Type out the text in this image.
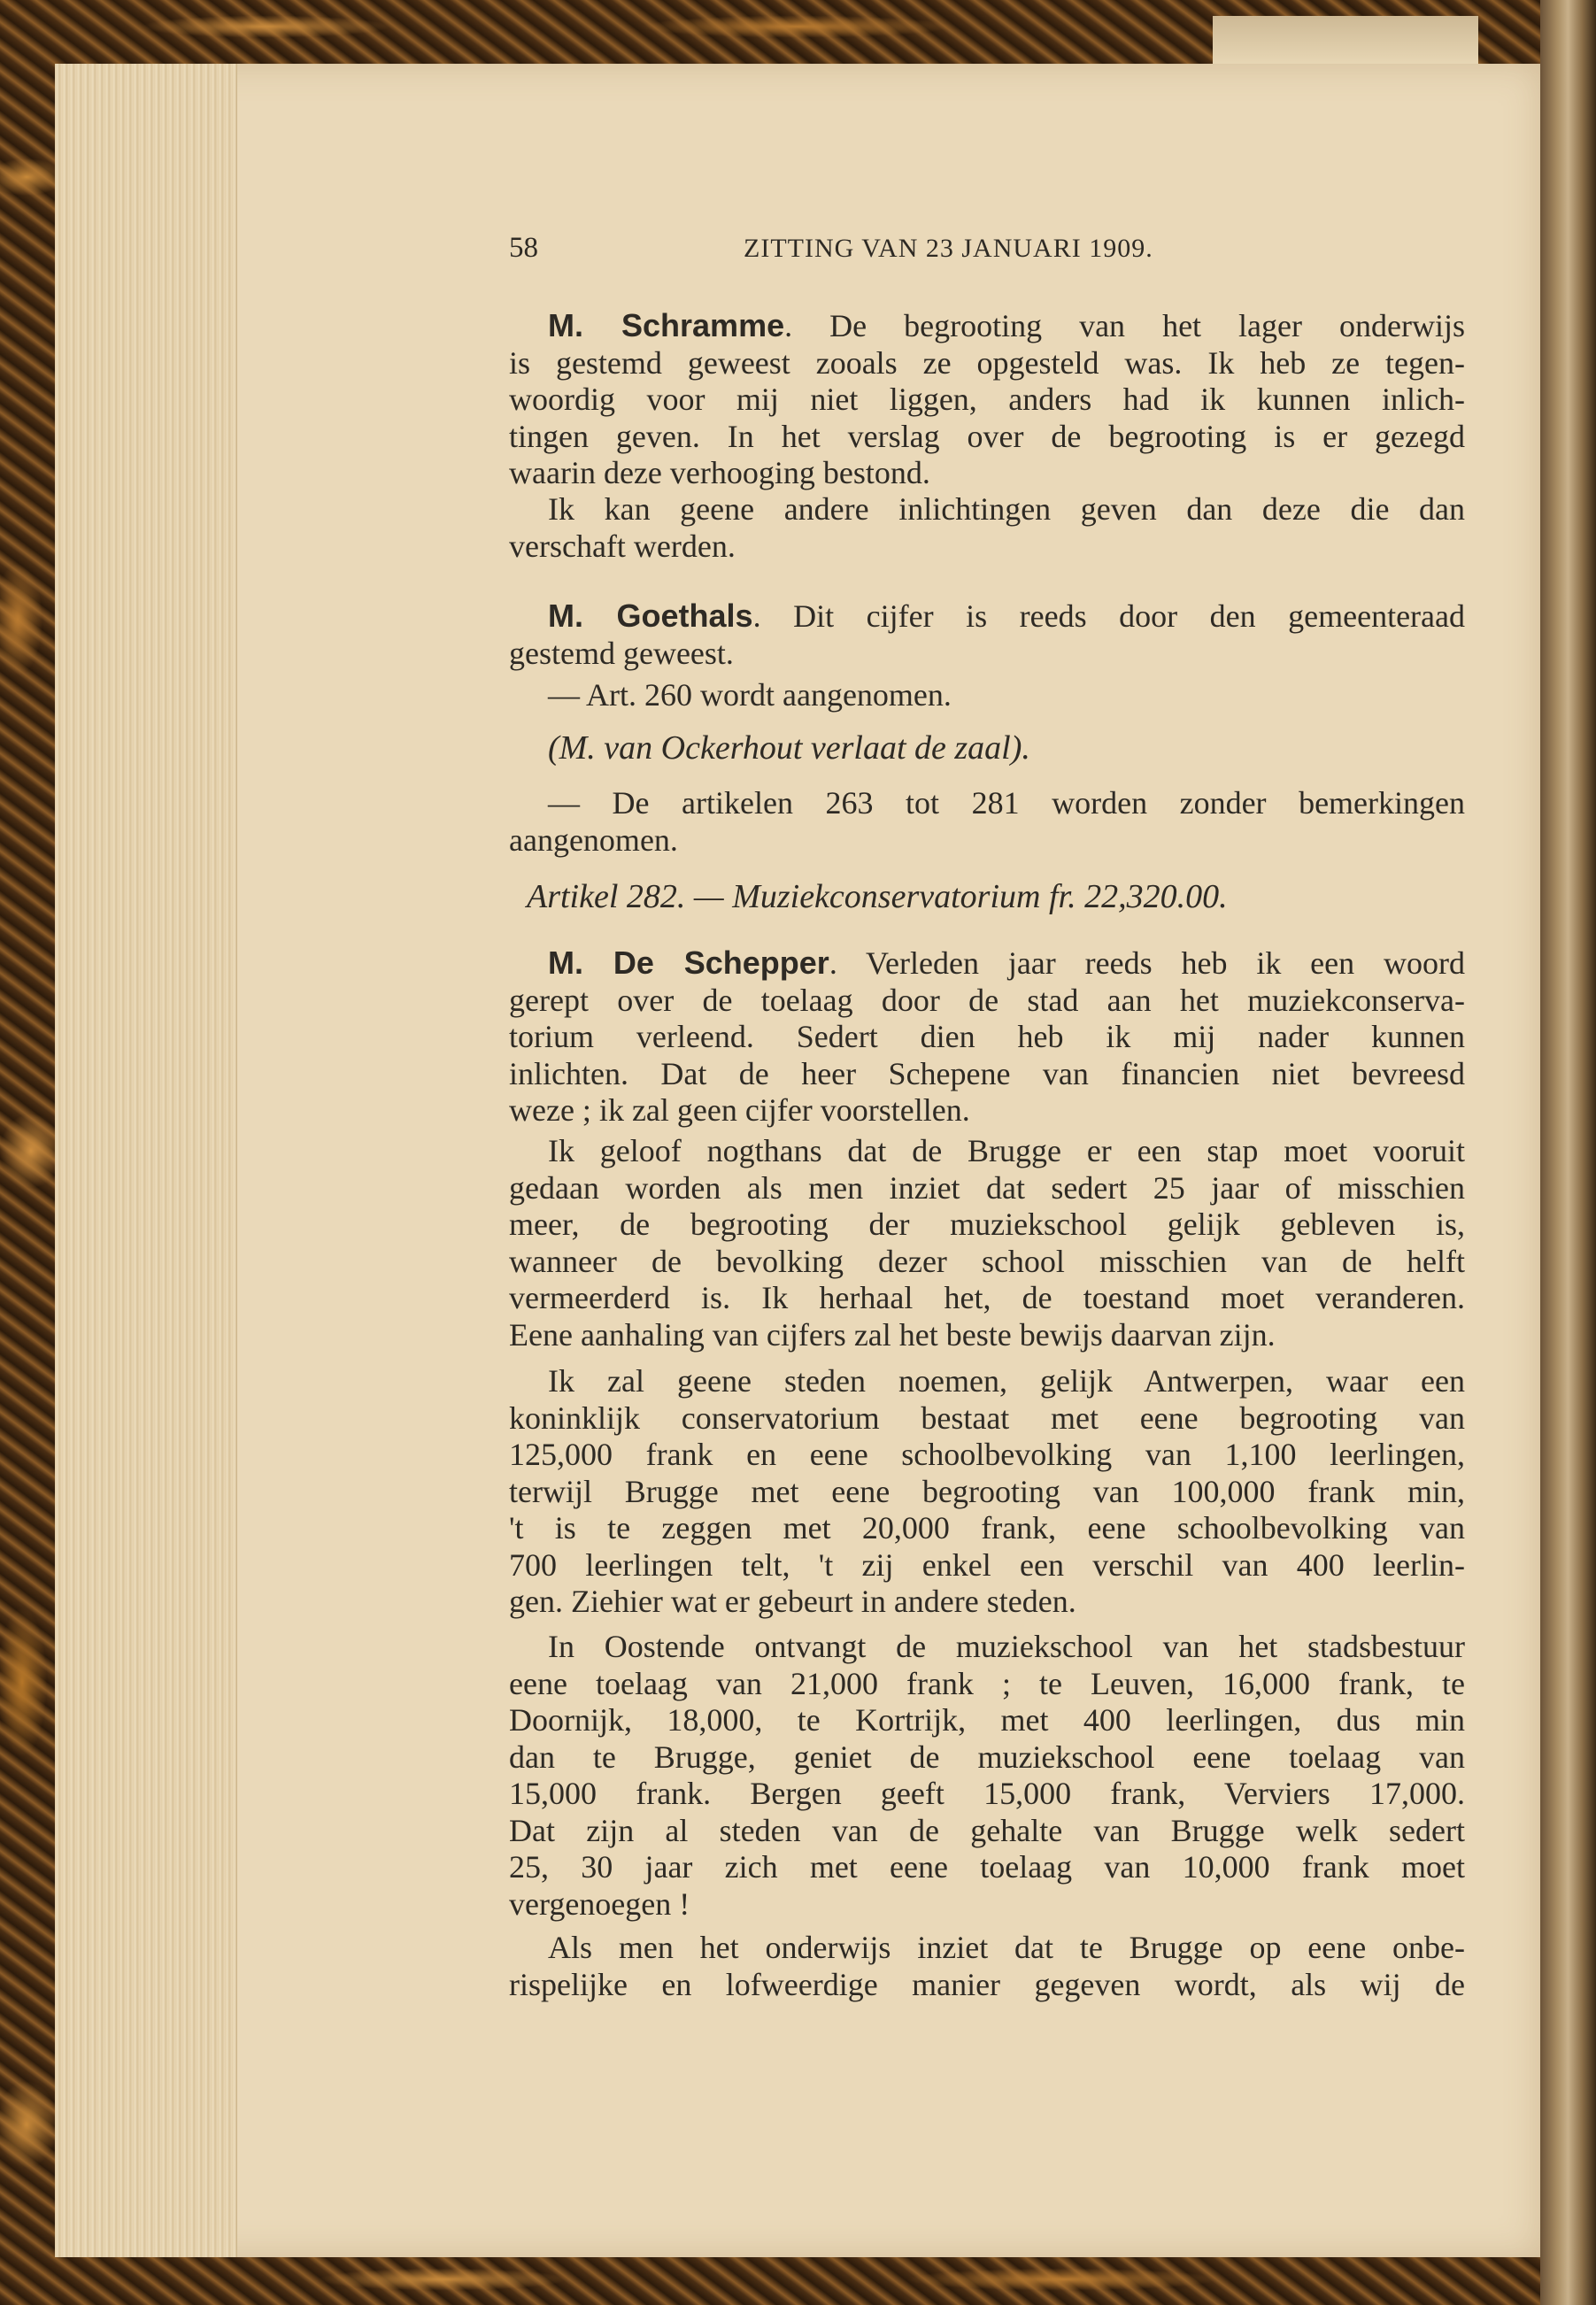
58	ZITTING VAN 23 JANUARI 1909.

M. Schramme. De begrooting van het lager onderwijs
is gestemd geweest zooals ze opgesteld was. Ik heb ze tegen-
woordig voor mij niet liggen, anders had ik kunnen inlich-
tingen geven. In het verslag over de begrooting is er gezegd
waarin deze verhooging bestond.

Ik kan geene andere inlichtingen geven dan deze die dan
verschaft werden.

M. Goethals. Dit cijfer is reeds door den gemeenteraad
gestemd geweest.

— Art. 260 wordt aangenomen.

(M. van Ockerhout verlaat de zaal).

— De artikelen 263 tot 281 worden zonder bemerkingen
aangenomen.

Artikel 282. — Muziekconservatorium fr. 22,320.00.

M. De Schepper. Verleden jaar reeds heb ik een woord
gerept over de toelaag door de stad aan het muziekconserva-
torium verleend. Sedert dien heb ik mij nader kunnen
inlichten. Dat de heer Schepene van financien niet bevreesd
weze ; ik zal geen cijfer voorstellen.

Ik geloof nogthans dat de Brugge er een stap moet vooruit
gedaan worden als men inziet dat sedert 25 jaar of misschien
meer, de begrooting der muziekschool gelijk gebleven is,
wanneer de bevolking dezer school misschien van de helft
vermeerderd is. Ik herhaal het, de toestand moet veranderen.
Eene aanhaling van cijfers zal het beste bewijs daarvan zijn.

Ik zal geene steden noemen, gelijk Antwerpen, waar een
koninklijk conservatorium bestaat met eene begrooting van
125,000 frank en eene schoolbevolking van 1,100 leerlingen,
terwijl Brugge met eene begrooting van 100,000 frank min,
't is te zeggen met 20,000 frank, eene schoolbevolking van
700 leerlingen telt, 't zij enkel een verschil van 400 leerlin-
gen. Ziehier wat er gebeurt in andere steden.

In Oostende ontvangt de muziekschool van het stadsbestuur
eene toelaag van 21,000 frank ; te Leuven, 16,000 frank, te
Doornijk, 18,000, te Kortrijk, met 400 leerlingen, dus min
dan te Brugge, geniet de muziekschool eene toelaag van
15,000 frank. Bergen geeft 15,000 frank, Verviers 17,000.
Dat zijn al steden van de gehalte van Brugge welk sedert
25, 30 jaar zich met eene toelaag van 10,000 frank moet
vergenoegen !

Als men het onderwijs inziet dat te Brugge op eene onbe-
rispelijke en lofweerdige manier gegeven wordt, als wij de
